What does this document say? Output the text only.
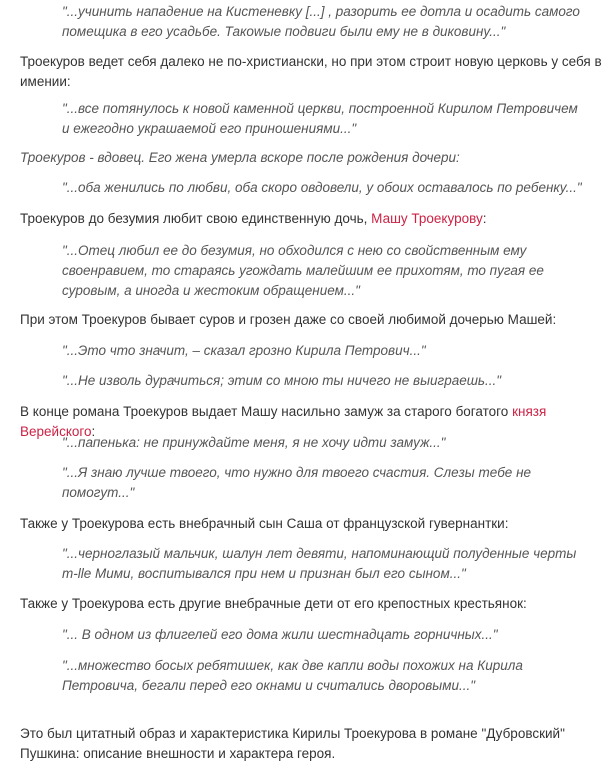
"...учинить нападение на Кистеневку [...] , разорить ее дотла и осадить самого помещика в его усадьбе. Такowые подвиги были ему не в диковину..."

Троекуров ведет себя далеко не по-христиански, но при этом строит новую церковь у себя в имении:

"...все потянулось к новой каменной церкви, построенной Кирилом Петровичем и ежегодно украшаемой его приношениями..."

Троекуров - вдовец. Его жена умерла вскоре после рождения дочери:

"...оба женились по любви, оба скоро овдовели, у обоих оставалось по ребенку..."

Троекуров до безумия любит свою единственную дочь, Машу Троекурову:

"...Отец любил ее до безумия, но обходился с нею со свойственным ему своенравием, то стараясь угождать малейшим ее прихотям, то пугая ее суровым, а иногда и жестоким обращением..."

При этом Троекуров бывает суров и грозен даже со своей любимой дочерью Машей:

"...Это что значит, – сказал грозно Кирила Петрович..."

"...Не изволь дурачиться; этим со мною ты ничего не выиграешь..."

В конце романа Троекуров выдает Машу насильно замуж за старого богатого князя Верейского:

"...папенька: не принуждайте меня, я не хочу идти замуж..."

"...Я знаю лучше твоего, что нужно для твоего счастия. Слезы тебе не помогут..."

Также у Троекурова есть внебрачный сын Саша от французской гувернантки:

"...черноглазый мальчик, шалун лет девяти, напоминающий полуденные черты m-lle Мими, воспитывался при нем и признан был его сыном..."

Также у Троекурова есть другие внебрачные дети от его крепостных крестьянок:

"... В одном из флигелей его дома жили шестнадцать горничных..."

"...множество босых ребятишек, как две капли воды похожих на Кирила Петровича, бегали перед его окнами и считались дворовыми..."

Это был цитатный образ и характеристика Кирилы Троекурова в романе "Дубровский" Пушкина: описание внешности и характера героя.
